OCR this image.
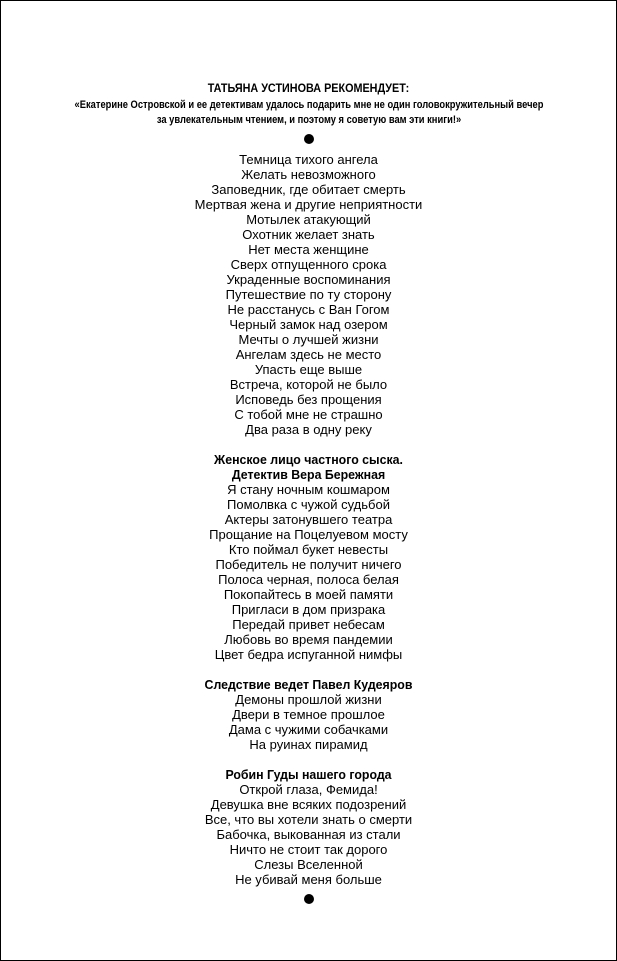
ТАТЬЯНА УСТИНОВА РЕКОМЕНДУЕТ:
«Екатерине Островской и ее детективам удалось подарить мне не один головокружительный вечер за увлекательным чтением, и поэтому я советую вам эти книги!»
Темница тихого ангела
Желать невозможного
Заповедник, где обитает смерть
Мертвая жена и другие неприятности
Мотылек атакующий
Охотник желает знать
Нет места женщине
Сверх отпущенного срока
Украденные воспоминания
Путешествие по ту сторону
Не расстанусь с Ван Гогом
Черный замок над озером
Мечты о лучшей жизни
Ангелам здесь не место
Упасть еще выше
Встреча, которой не было
Исповедь без прощения
С тобой мне не страшно
Два раза в одну реку
Женское лицо частного сыска.
Детектив Вера Бережная
Я стану ночным кошмаром
Помолвка с чужой судьбой
Актеры затонувшего театра
Прощание на Поцелуевом мосту
Кто поймал букет невесты
Победитель не получит ничего
Полоса черная, полоса белая
Покопайтесь в моей памяти
Пригласи в дом призрака
Передай привет небесам
Любовь во время пандемии
Цвет бедра испуганной нимфы
Следствие ведет Павел Кудеяров
Демоны прошлой жизни
Двери в темное прошлое
Дама с чужими собачками
На руинах пирамид
Робин Гуды нашего города
Открой глаза, Фемида!
Девушка вне всяких подозрений
Все, что вы хотели знать о смерти
Бабочка, выкованная из стали
Ничто не стоит так дорого
Слезы Вселенной
Не убивай меня больше
